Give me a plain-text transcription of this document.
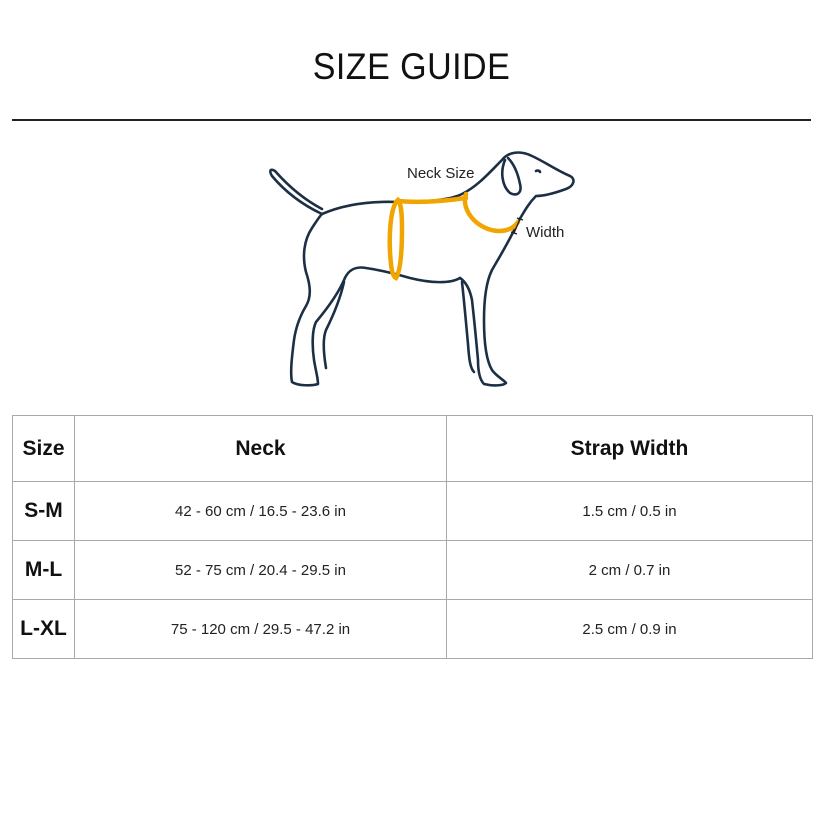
SIZE GUIDE
Neck Size
Width
Size	Neck	Strap Width
S-M	42 - 60 cm / 16.5 - 23.6 in	1.5 cm / 0.5 in
M-L	52 - 75 cm / 20.4 - 29.5 in	2 cm / 0.7 in
L-XL	75 - 120 cm / 29.5 - 47.2 in	2.5 cm / 0.9 in
